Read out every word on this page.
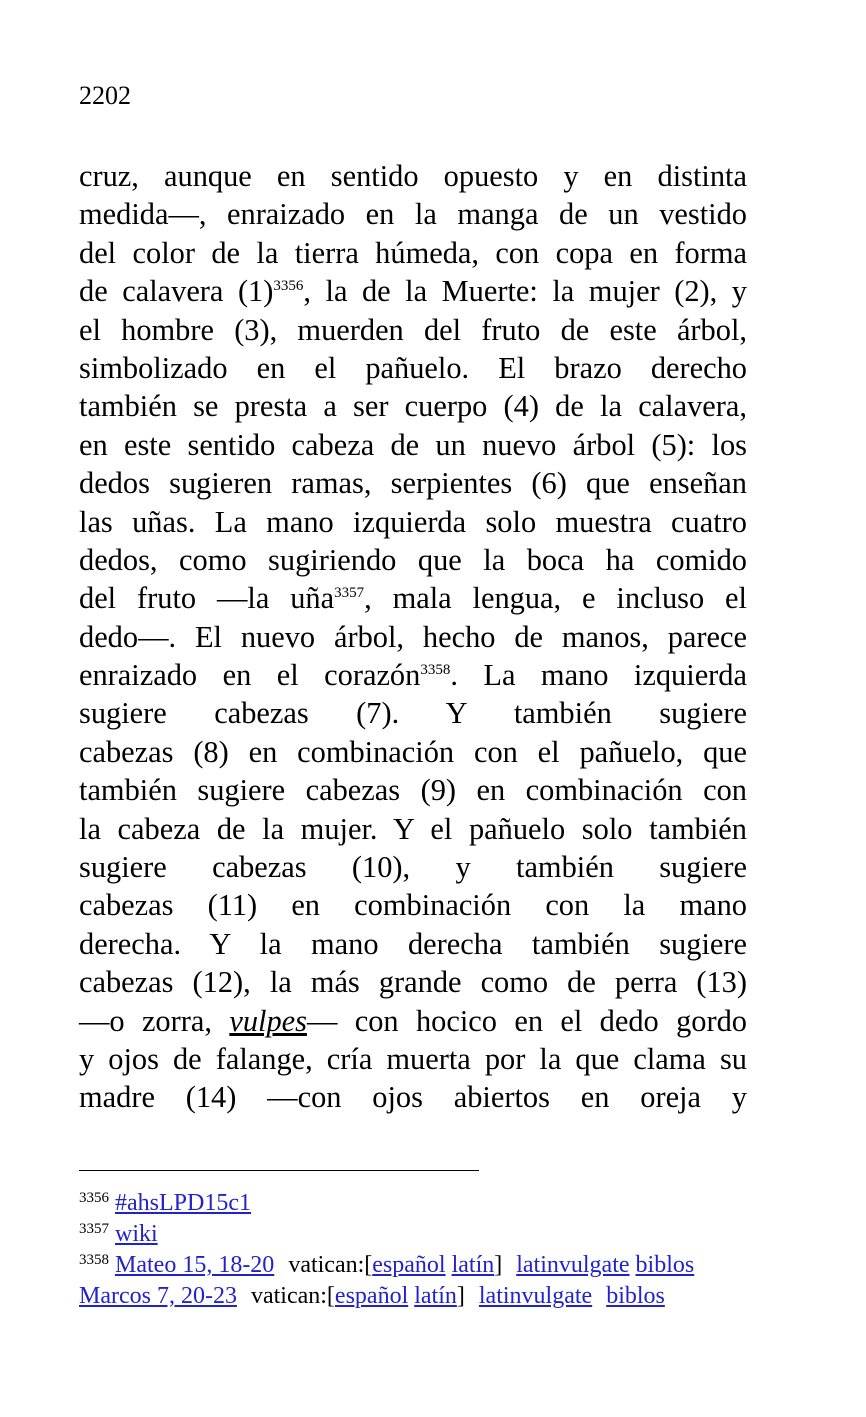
2202
cruz, aunque en sentido opuesto y en distinta
medida―, enraizado en la manga de un vestido
del color de la tierra húmeda, con copa en forma
de calavera $(1)^{3356}$, la de la Muerte: la mujer (2), y
el hombre (3), muerden del fruto de este árbol,
simbolizado en el pañuelo. El brazo derecho
también se presta a ser cuerpo (4) de la calavera,
en este sentido cabeza de un nuevo árbol (5): los
dedos sugieren ramas, serpientes (6) que enseñan
las uñas. La mano izquierda solo muestra cuatro
dedos, como sugiriendo que la boca ha comido
del fruto ―la uña$^{3357}$, mala lengua, e incluso el
dedo―. El nuevo árbol, hecho de manos, parece
enraizado en el corazón$^{3358}$. La mano izquierda
sugiere cabezas (7). Y también sugiere
cabezas (8) en combinación con el pañuelo, que
también sugiere cabezas (9) en combinación con
la cabeza de la mujer. Y el pañuelo solo también
sugiere cabezas (10), y también sugiere
cabezas (11) en combinación con la mano
derecha. Y la mano derecha también sugiere
cabezas (12), la más grande como de perra (13)
―o zorra, vulpes― con hocico en el dedo gordo
y ojos de falange, cría muerta por la que clama su
madre (14) ―con ojos abiertos en oreja y
$^{3356}$ #ahsLPD15c1
$^{3357}$ wiki
$^{3358}$ Mateo 15, 18-20 vatican:[español latín] latinvulgate biblos
Marcos 7, 20-23 vatican:[español latín] latinvulgate biblos
